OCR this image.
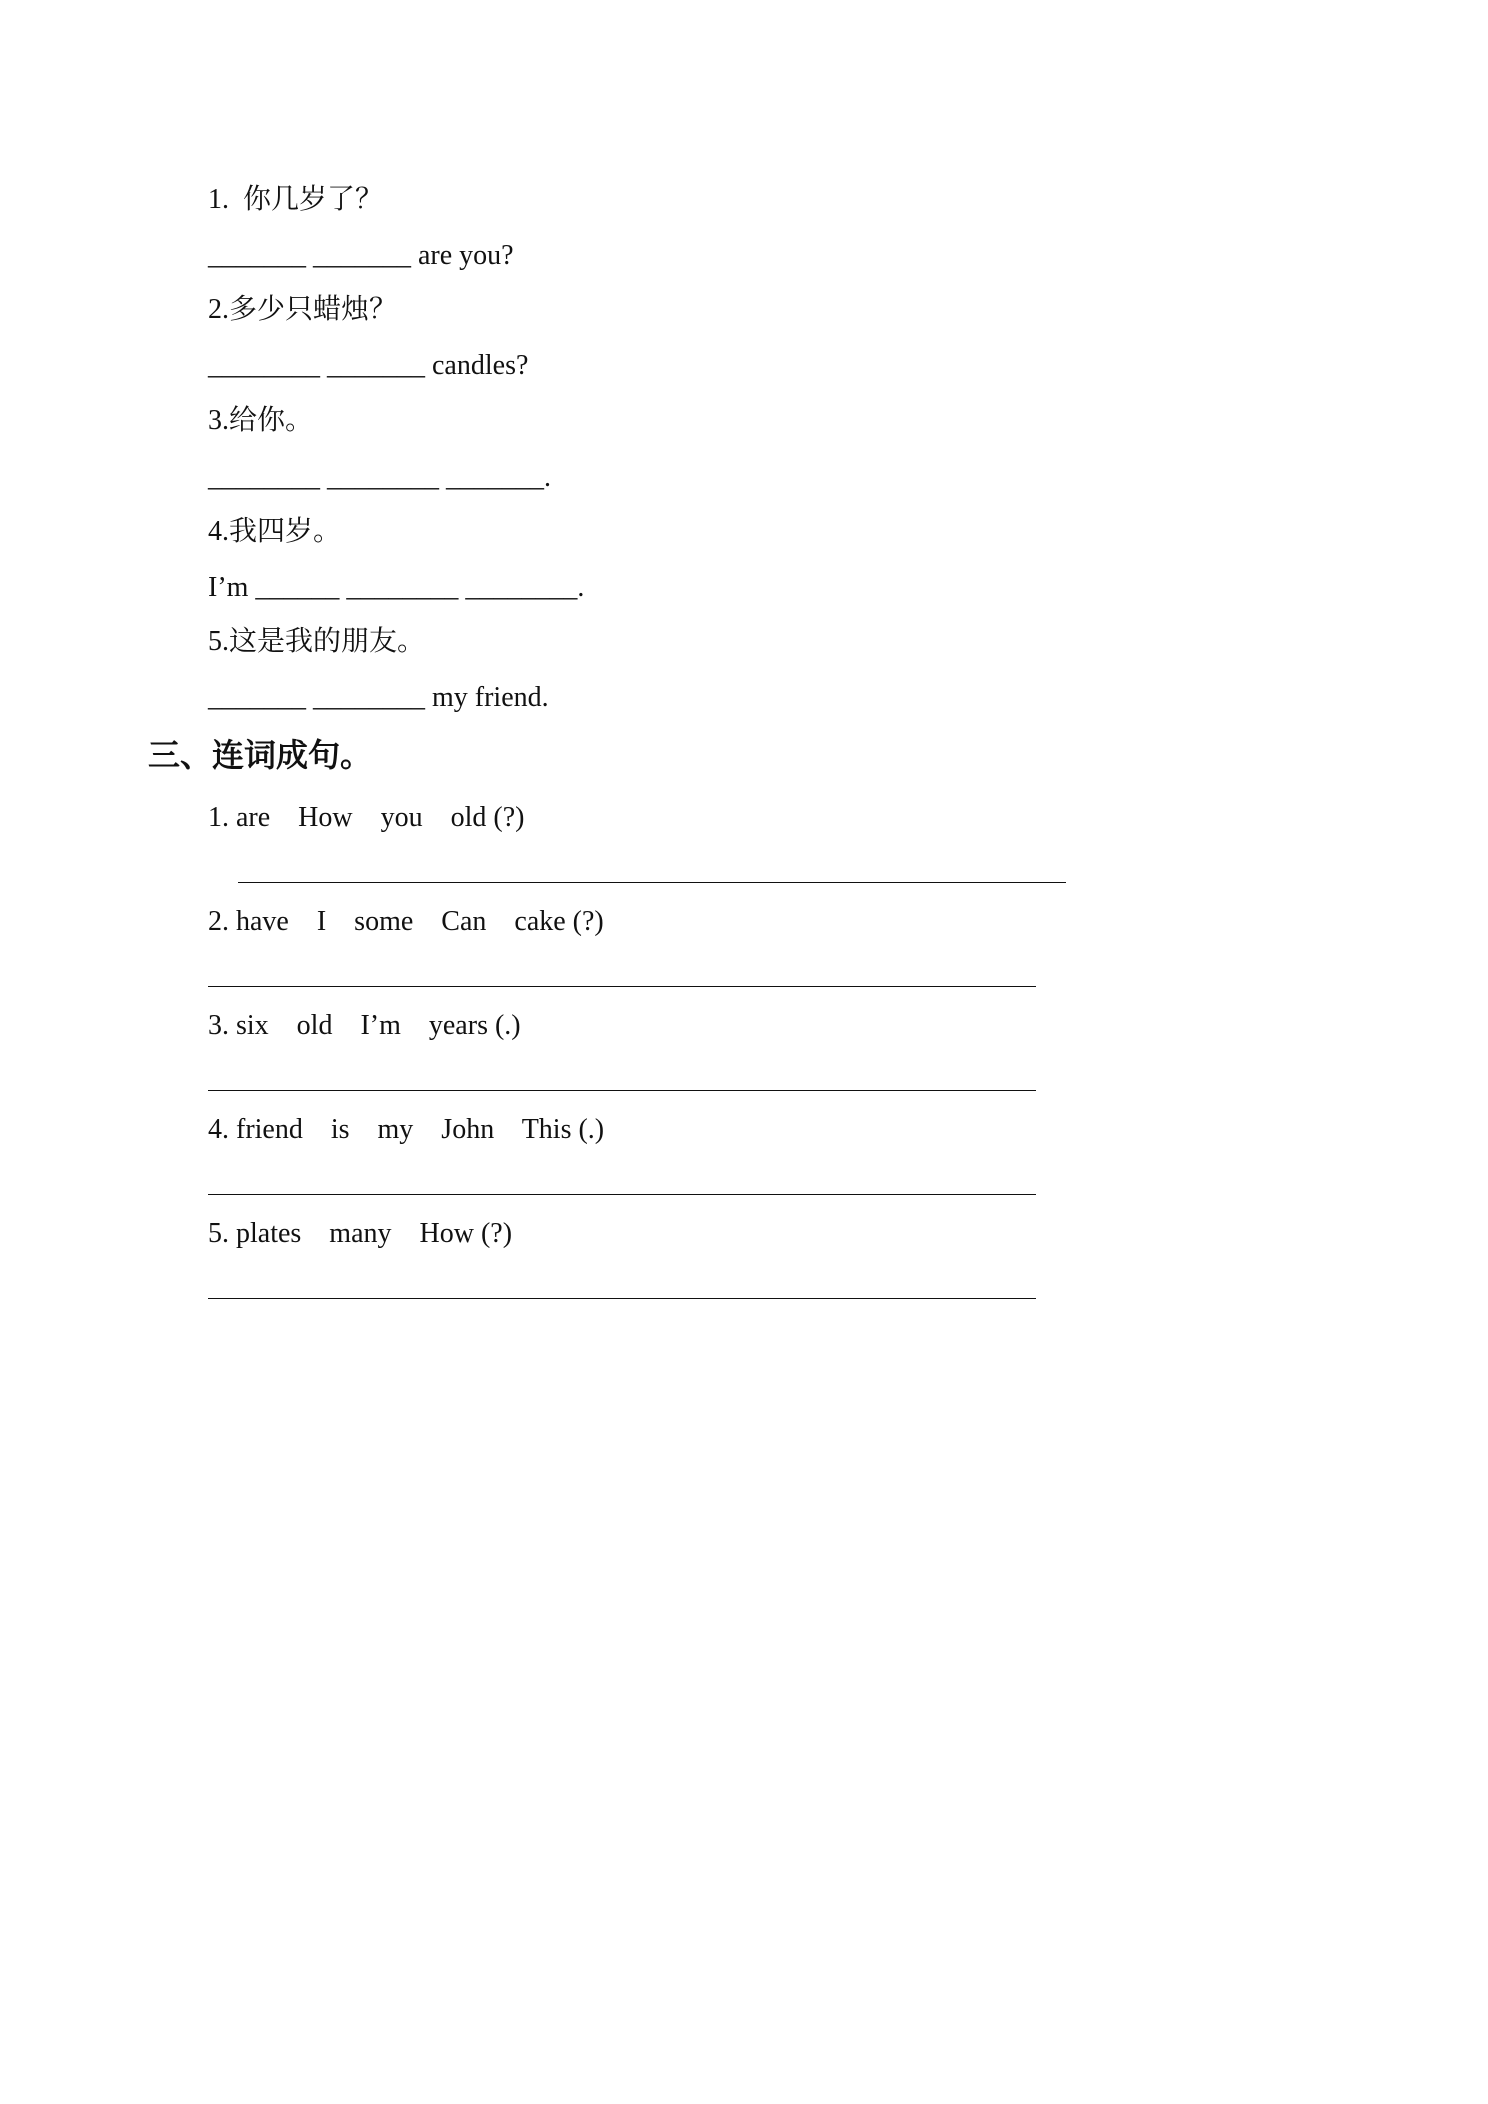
1.  你几岁了？
_______ _______ are you?
2.多少只蜡烛？
________ _______ candles?
3.给你。
________ ________ _______.
4.我四岁。
I’m ______ ________ ________.
5.这是我的朋友。
_______ ________ my friend.
三、连词成句。
1. are    How    you    old (?)
2. have    I    some    Can    cake (?)
3. six    old    I’m    years (.)
4. friend    is    my    John    This (.)
5. plates    many    How (?)
